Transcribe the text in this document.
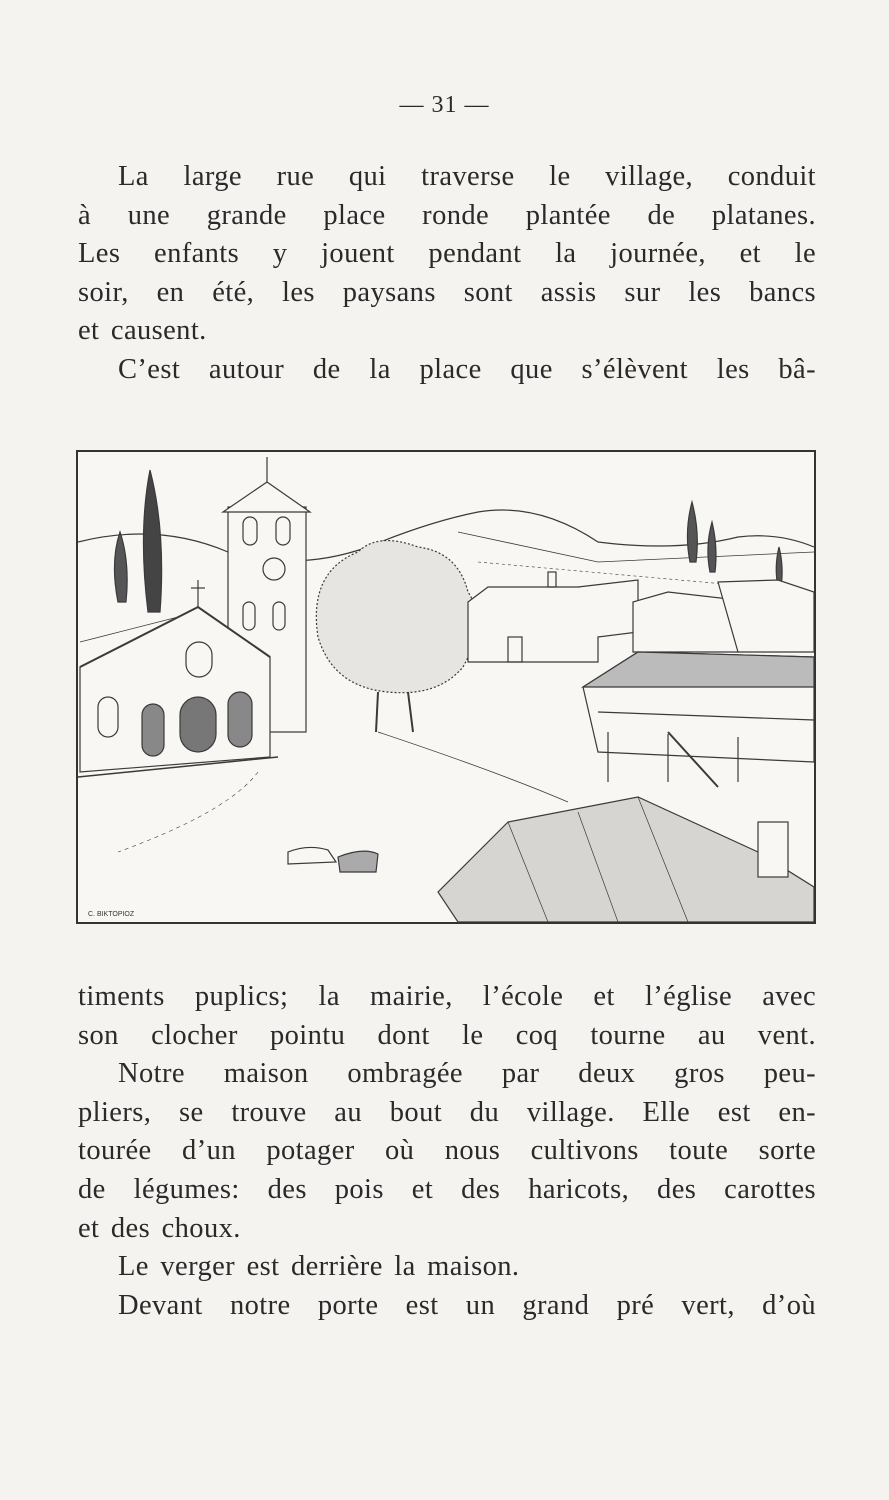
— 31 —
La large rue qui traverse le village, conduit
à une grande place ronde plantée de platanes.
Les enfants y jouent pendant la journée, et le
soir, en été, les paysans sont assis sur les bancs
et causent.
C’est autour de la place que s’élèvent les bâ-
C. BIKTOPIOZ
timents puplics; la mairie, l’école et l’église avec
son clocher pointu dont le coq tourne au vent.
Notre maison ombragée par deux gros peu-
pliers, se trouve au bout du village. Elle est en-
tourée d’un potager où nous cultivons toute sorte
de légumes: des pois et des haricots, des carottes
et des choux.
Le verger est derrière la maison.
Devant notre porte est un grand pré vert, d’où
